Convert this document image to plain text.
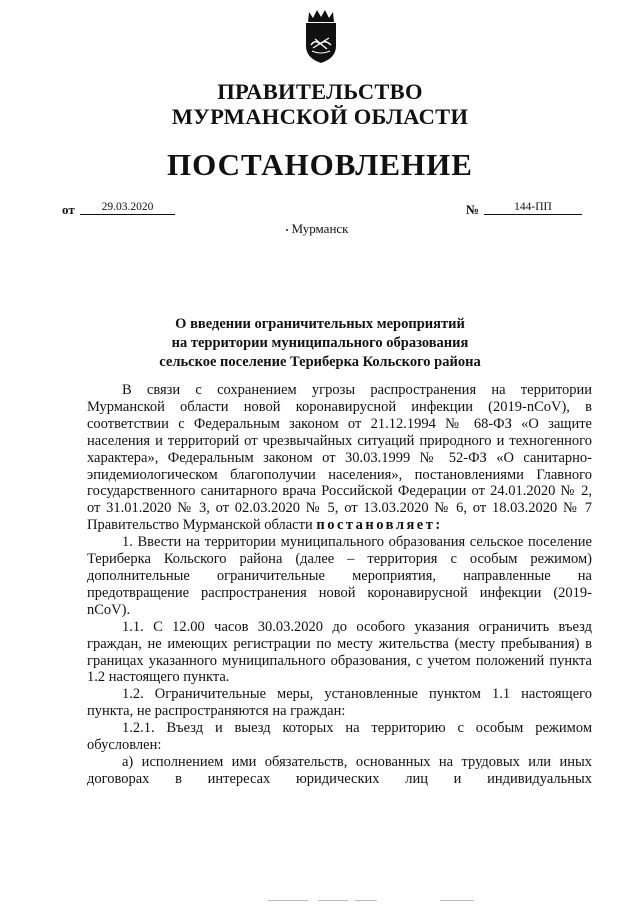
ПРАВИТЕЛЬСТВО
МУРМАНСКОЙ ОБЛАСТИ
ПОСТАНОВЛЕНИЕ
от	29.03.2020	№	144-ПП
Мурманск
О введении ограничительных мероприятий
на территории муниципального образования
сельское поселение Териберка Кольского района

В связи с сохранением угрозы распространения на территории Мурманской области новой коронавирусной инфекции (2019-nCoV), в соответствии с Федеральным законом от 21.12.1994 № 68-ФЗ «О защите населения и территорий от чрезвычайных ситуаций природного и техногенного характера», Федеральным законом от 30.03.1999 № 52-ФЗ «О санитарно-эпидемиологическом благополучии населения», постановлениями Главного государственного санитарного врача Российской Федерации от 24.01.2020 № 2, от 31.01.2020 № 3, от 02.03.2020 № 5, от 13.03.2020 № 6, от 18.03.2020 № 7 Правительство Мурманской области постановляет:

1. Ввести на территории муниципального образования сельское поселение Териберка Кольского района (далее – территория с особым режимом) дополнительные ограничительные мероприятия, направленные на предотвращение распространения новой коронавирусной инфекции (2019-nCoV).

1.1. С 12.00 часов 30.03.2020 до особого указания ограничить въезд граждан, не имеющих регистрации по месту жительства (месту пребывания) в границах указанного муниципального образования, с учетом положений пункта 1.2 настоящего пункта.

1.2. Ограничительные меры, установленные пунктом 1.1 настоящего пункта, не распространяются на граждан:

1.2.1. Въезд и выезд которых на территорию с особым режимом обусловлен:

а) исполнением ими обязательств, основанных на трудовых или иных договорах в интересах юридических лиц и индивидуальных
